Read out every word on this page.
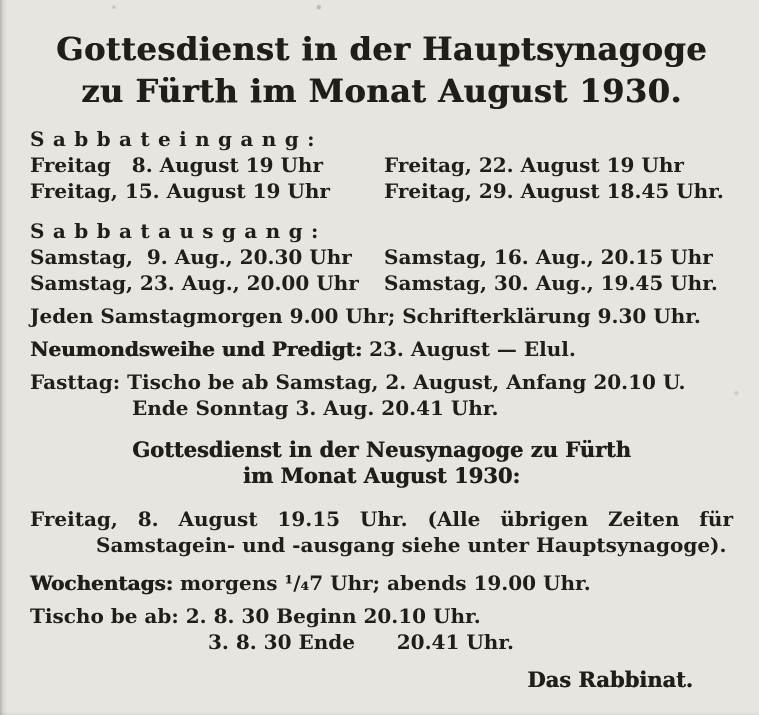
Gottesdienst in der Hauptsynagoge
zu Fürth im Monat August 1930.
Sabbateingang:
Freitag   8. August 19 Uhr	Freitag, 22. August 19 Uhr
Freitag, 15. August 19 Uhr	Freitag, 29. August 18.45 Uhr.
Sabbatausgang:
Samstag,  9. Aug., 20.30 Uhr	Samstag, 16. Aug., 20.15 Uhr
Samstag, 23. Aug., 20.00 Uhr	Samstag, 30. Aug., 19.45 Uhr.
Jeden Samstagmorgen 9.00 Uhr; Schrifterklärung 9.30 Uhr.
Neumondsweihe und Predigt: 23. August — Elul.
Fasttag: Tischo be ab Samstag, 2. August, Anfang 20.10 U.
Ende Sonntag 3. Aug. 20.41 Uhr.
Gottesdienst in der Neusynagoge zu Fürth
im Monat August 1930:
Freitag, 8. August 19.15 Uhr. (Alle übrigen Zeiten für
Samstagein- und -ausgang siehe unter Hauptsynagoge).
Wochentags: morgens ¹/₄7 Uhr; abends 19.00 Uhr.
Tischo be ab: 2. 8. 30 Beginn 20.10 Uhr.
3. 8. 30 Ende      20.41 Uhr.
Das Rabbinat.
